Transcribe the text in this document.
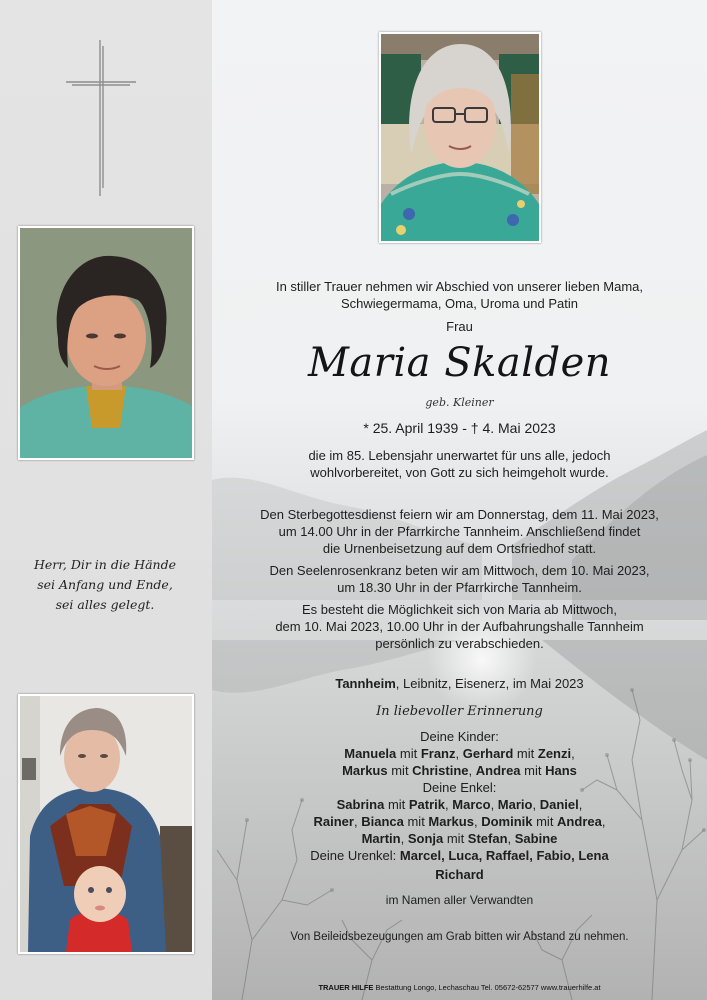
Herr, Dir in die Hände
sei Anfang und Ende,
sei alles gelegt.
In stiller Trauer nehmen wir Abschied von unserer lieben Mama,
Schwiegermama, Oma, Uroma und Patin
Frau
Maria Skalden
geb. Kleiner
* 25. April 1939 - † 4. Mai 2023
die im 85. Lebensjahr unerwartet für uns alle, jedoch
wohlvorbereitet, von Gott zu sich heimgeholt wurde.
Den Sterbegottesdienst feiern wir am Donnerstag, dem 11. Mai 2023,
um 14.00 Uhr in der Pfarrkirche Tannheim. Anschließend findet
die Urnenbeisetzung auf dem Ortsfriedhof statt.
Den Seelenrosenkranz beten wir am Mittwoch, dem 10. Mai 2023,
um 18.30 Uhr in der Pfarrkirche Tannheim.
Es besteht die Möglichkeit sich von Maria ab Mittwoch,
dem 10. Mai 2023, 10.00 Uhr in der Aufbahrungshalle Tannheim
persönlich zu verabschieden.
Tannheim, Leibnitz, Eisenerz, im Mai 2023
In liebevoller Erinnerung
Deine Kinder:
Manuela mit Franz, Gerhard mit Zenzi,
Markus mit Christine, Andrea mit Hans
Deine Enkel:
Sabrina mit Patrik, Marco, Mario, Daniel,
Rainer, Bianca mit Markus, Dominik mit Andrea,
Martin, Sonja mit Stefan, Sabine
Deine Urenkel: Marcel, Luca, Raffael, Fabio, Lena
Richard
im Namen aller Verwandten
Von Beileidsbezeugungen am Grab bitten wir Abstand zu nehmen.
TRAUER HILFE Bestattung Longo, Lechaschau Tel. 05672-62577 www.trauerhilfe.at
